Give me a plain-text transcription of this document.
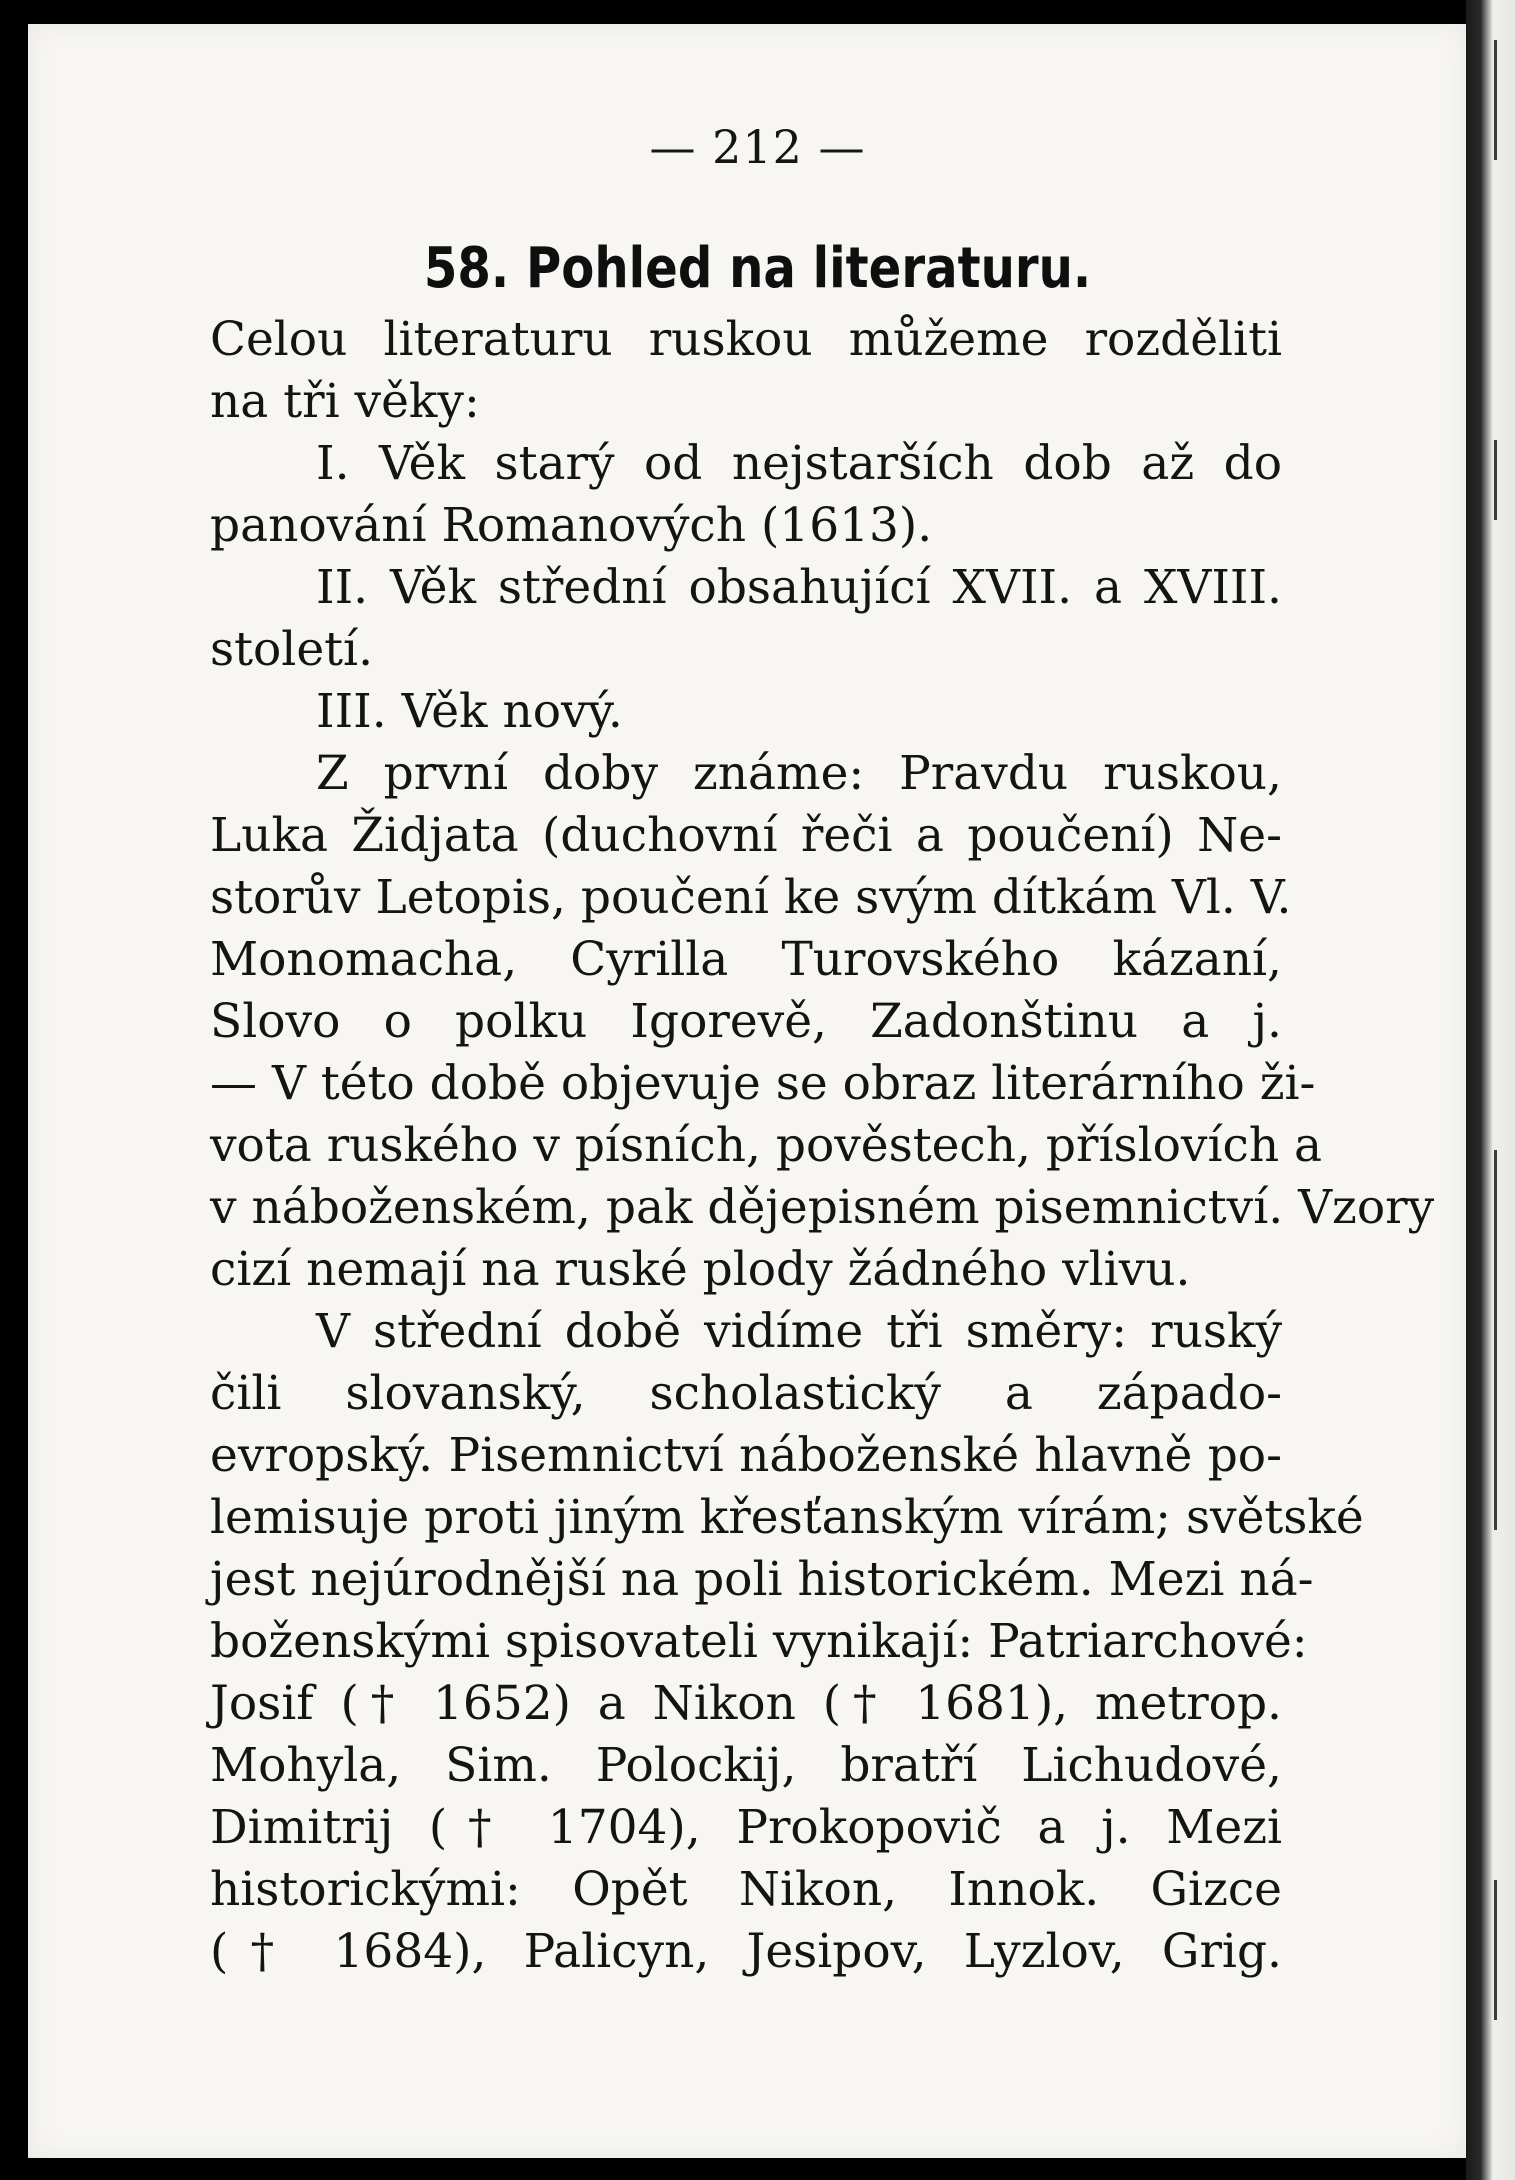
— 212 —
58. Pohled na literaturu.
Celou literaturu ruskou můžeme rozděliti
na tři věky:
I. Věk starý od nejstarších dob až do
panování Romanových (1613).
II. Věk střední obsahující XVII. a XVIII.
století.
III. Věk nový.
Z první doby známe: Pravdu ruskou,
Luka Židjata (duchovní řeči a poučení) Ne-
storův Letopis, poučení ke svým dítkám Vl. V.
Monomacha, Cyrilla Turovského kázaní,
Slovo o polku Igorevě, Zadonštinu a j.
— V této době objevuje se obraz literárního ži-
vota ruského v písních, pověstech, příslovích a
v náboženském, pak dějepisném pisemnictví. Vzory
cizí nemají na ruské plody žádného vlivu.
V střední době vidíme tři směry: ruský
čili slovanský, scholastický a západo-
evropský. Pisemnictví náboženské hlavně po-
lemisuje proti jiným křesťanským vírám; světské
jest nejúrodnější na poli historickém. Mezi ná-
boženskými spisovateli vynikají: Patriarchové:
Josif († 1652) a Nikon († 1681), metrop.
Mohyla, Sim. Polockij, bratří Lichudové,
Dimitrij († 1704), Prokopovič a j. Mezi
historickými: Opět Nikon, Innok. Gizce
(† 1684), Palicyn, Jesipov, Lyzlov, Grig.
